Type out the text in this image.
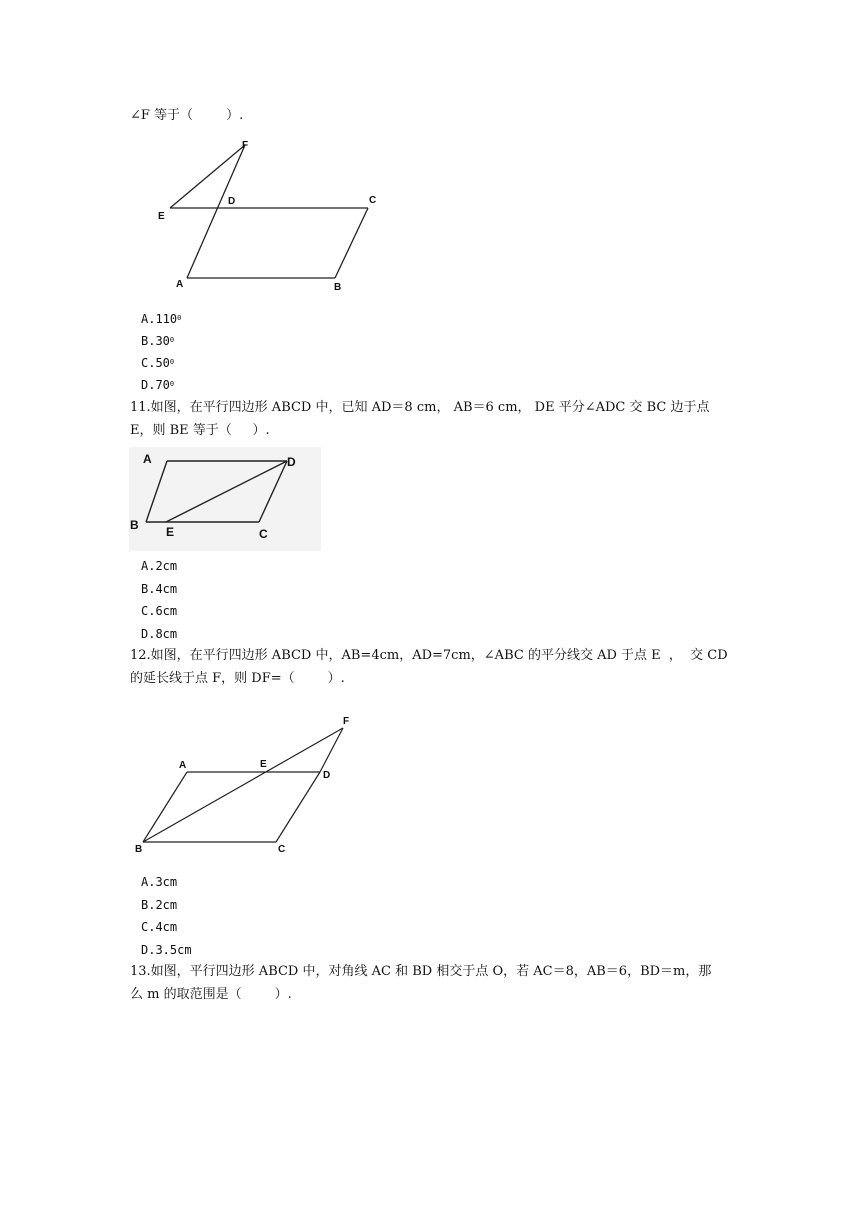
∠F 等于（        ）.
F
E
D	C
A	B
A.110$^0$
$B.30^0$
$C.50^0$
$D.70^0$
11.如图，在平行四边形 ABCD 中，已知 AD＝8 cm， AB＝6 cm， DE 平分∠ADC 交 BC 边于点
E，则 BE 等于（     ）.
A	D
B E	C
A.2cm
B.4cm
C.6cm
D.8cm
12.如图，在平行四边形 ABCD 中，AB=4cm，AD=7cm，∠ABC 的平分线交 AD 于点 E  ，  交 CD
的延长线于点 F，则 DF=（        ）.
F
A	E
D
B	C
A.3cm
B.2cm
C.4cm
D.3.5cm
13.如图，平行四边形 ABCD 中，对角线 AC 和 BD 相交于点 O，若 AC＝8，AB＝6，BD＝m，那
么 m 的取范围是（        ）.
